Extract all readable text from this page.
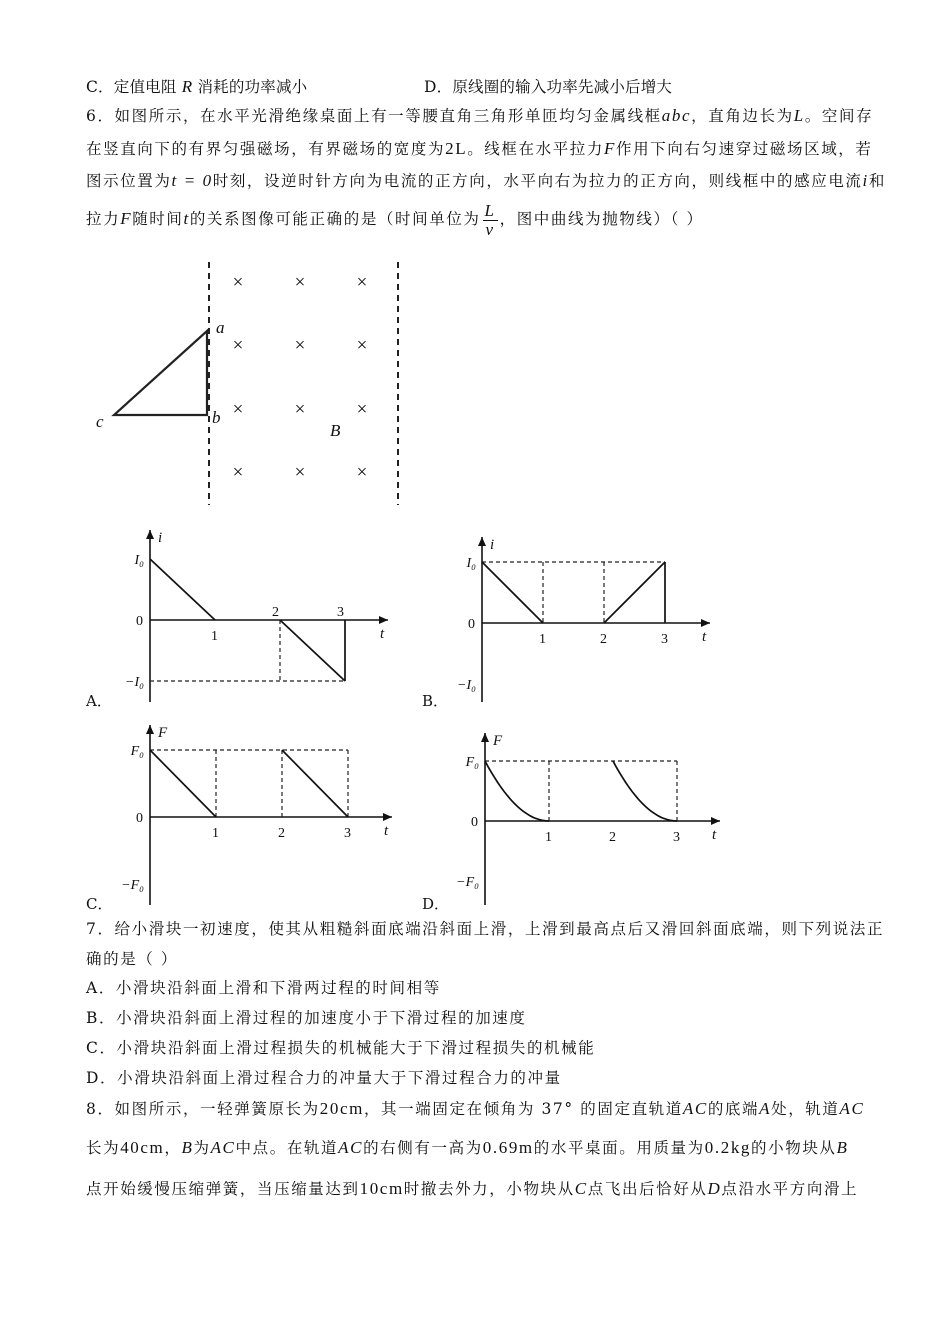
C．定值电阻 R 消耗的功率减小	D．原线圈的输入功率先减小后增大
6．如图所示，在水平光滑绝缘桌面上有一等腰直角三角形单匝均匀金属线框abc，直角边长为L。空间存
在竖直向下的有界匀强磁场，有界磁场的宽度为2L。线框在水平拉力F作用下向右匀速穿过磁场区域，若
图示位置为t = 0时刻，设逆时针方向为电流的正方向，水平向右为拉力的正方向，则线框中的感应电流i和
拉力F随时间t的关系图像可能正确的是（时间单位为 $\frac{L}{v}$ ，图中曲线为抛物线）（ ）
×	×	×
×	×	×
×	×	×
×	×	×
a
b
c	B
i
t
0
I₀
−I₀
1
2	3
i
t
0
I₀
−I₀
1	2	3
F
t
0
F₀
−F₀
1	2	3
F
t
0
F₀
−F₀
1	2	3
A．	B．
C．	D．
7．给小滑块一初速度，使其从粗糙斜面底端沿斜面上滑，上滑到最高点后又滑回斜面底端，则下列说法正
确的是（ ）
A．小滑块沿斜面上滑和下滑两过程的时间相等
B．小滑块沿斜面上滑过程的加速度小于下滑过程的加速度
C．小滑块沿斜面上滑过程损失的机械能大于下滑过程损失的机械能
D．小滑块沿斜面上滑过程合力的冲量大于下滑过程合力的冲量
8．如图所示，一轻弹簧原长为20cm，其一端固定在倾角为 37° 的固定直轨道AC的底端A处，轨道AC
长为40cm，B为AC中点。在轨道AC的右侧有一高为0.69m的水平桌面。用质量为0.2kg的小物块从B
点开始缓慢压缩弹簧，当压缩量达到10cm时撤去外力，小物块从C点飞出后恰好从D点沿水平方向滑上
